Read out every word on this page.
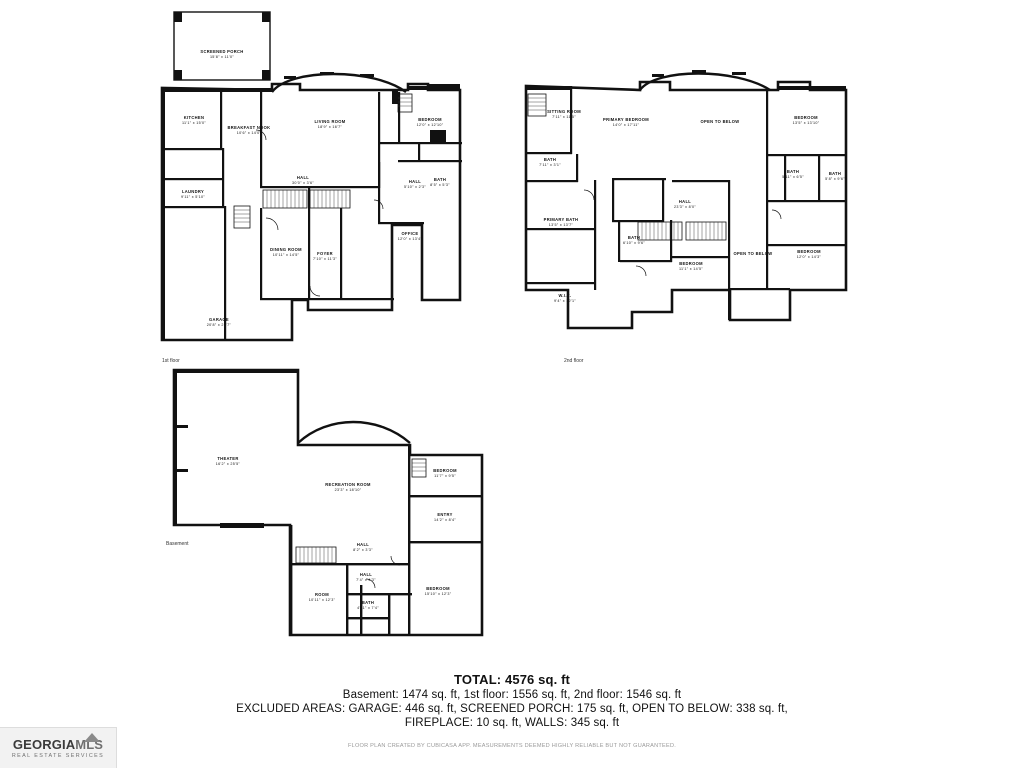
SCREENED PORCH
15'8" x 11'0"
KITCHEN
11'1" x 15'0"
BREAKFAST NOOK
10'6" x 14'0"
LIVING ROOM
18'9" x 16'7"
BEDROOM
12'0" x 12'10"
HALL
5'10" x 2'3"
BATH
8'5" x 5'3"
LAUNDRY
9'11" x 5'10"
HALL
30'0" x 3'6"
DINING ROOM
10'11" x 14'5"	FOYER
7'10" x 11'3"
OFFICE
12'0" x 13'4"
GARAGE
20'8" x 21'7"
1st floor
SITTING ROOM
7'11" x 11'5"
PRIMARY BEDROOM
14'0" x 17'11"
OPEN TO BELOW
BEDROOM
13'5" x 13'10"
BATH
7'11" x 3'1"
HALL
23'3" x 8'0"
BATH
5'11" x 6'5"
BATH
5'8" x 9'6"
PRIMARY BATH
13'5" x 13'7"
BATH
6'10" x 9'6"
BEDROOM
11'1" x 14'5"
OPEN TO BELOW	BEDROOM
12'0" x 14'3"
W.I.C.
9'4" x 12'1"
2nd floor
THEATER
16'2" x 25'5"
RECREATION ROOM
23'3" x 18'10"
BEDROOM
11'7" x 9'5"
ENTRY
14'2" x 8'4"
HALL
8'2" x 3'3"
HALL
7'4" x 4'3"
ROOM
10'11" x 12'3"
BATH
4'11" x 7'4"
BEDROOM
15'10" x 12'3"
Basement
TOTAL: 4576 sq. ft
Basement: 1474 sq. ft, 1st floor: 1556 sq. ft, 2nd floor: 1546 sq. ft
EXCLUDED AREAS: GARAGE: 446 sq. ft, SCREENED PORCH: 175 sq. ft, OPEN TO BELOW: 338 sq. ft,
FIREPLACE: 10 sq. ft, WALLS: 345 sq. ft
FLOOR PLAN CREATED BY CUBICASA APP. MEASUREMENTS DEEMED HIGHLY RELIABLE BUT NOT GUARANTEED.
GEORGIAMLS
REAL ESTATE SERVICES
